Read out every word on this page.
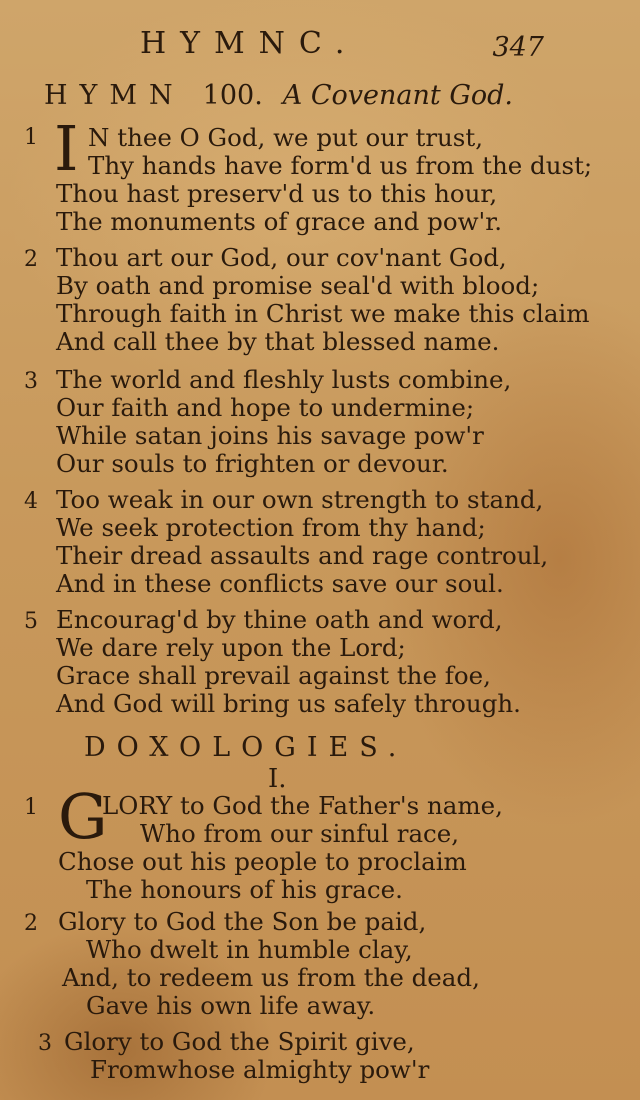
HYMNC.	347
HYMN 100. A Covenant God.
1 I N thee O God, we put our trust,
Thy hands have form'd us from the dust;
Thou hast preserv'd us to this hour,
The monuments of grace and pow'r.
2 Thou art our God, our cov'nant God,
By oath and promise seal'd with blood;
Through faith in Christ we make this claim
And call thee by that blessed name.
3 The world and fleshly lusts combine,
Our faith and hope to undermine;
While satan joins his savage pow'r
Our souls to frighten or devour.
4 Too weak in our own strength to stand,
We seek protection from thy hand;
Their dread assaults and rage controul,
And in these conflicts save our soul.
5 Encourag'd by thine oath and word,
We dare rely upon the Lord;
Grace shall prevail against the foe,
And God will bring us safely through.
DOXOLOGIES.
I.
1 G
LORY to God the Father's name,
Who from our sinful race,
Chose out his people to proclaim
The honours of his grace.
2 Glory to God the Son be paid,
Who dwelt in humble clay,
And, to redeem us from the dead,
Gave his own life away.
3 Glory to God the Spirit give,
Fromwhose almighty pow'r
